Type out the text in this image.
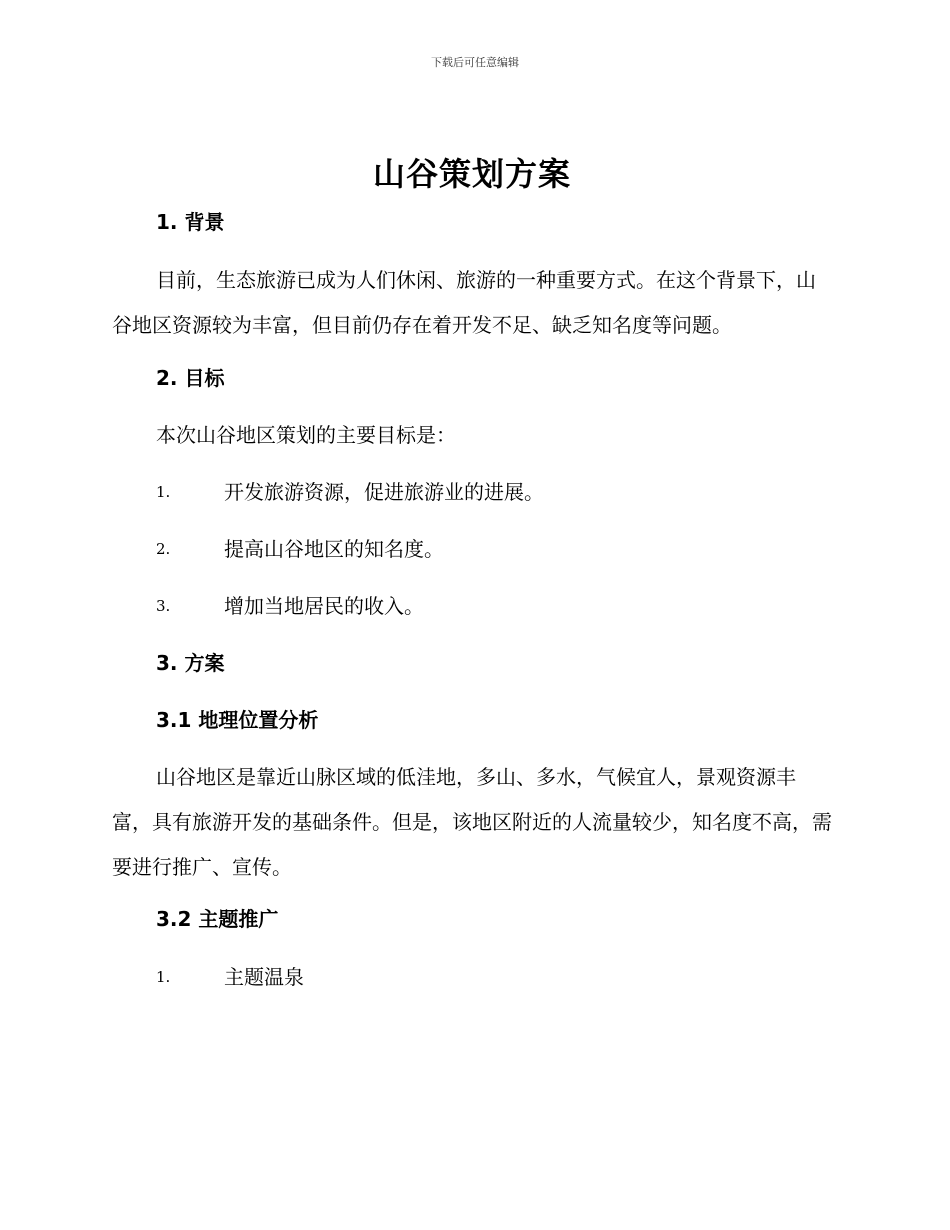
下载后可任意编辑
山谷策划方案
1. 背景

目前，生态旅游已成为人们休闲、旅游的一种重要方式。在这个背景下，山谷地区资源较为丰富，但目前仍存在着开发不足、缺乏知名度等问题。

2. 目标
本次山谷地区策划的主要目标是：
1.	开发旅游资源，促进旅游业的进展。
2.	提高山谷地区的知名度。
3.	增加当地居民的收入。
3. 方案
3.1 地理位置分析

山谷地区是靠近山脉区域的低洼地，多山、多水，气候宜人，景观资源丰富，具有旅游开发的基础条件。但是，该地区附近的人流量较少，知名度不高，需要进行推广、宣传。

3.2 主题推广
1.	主题温泉
